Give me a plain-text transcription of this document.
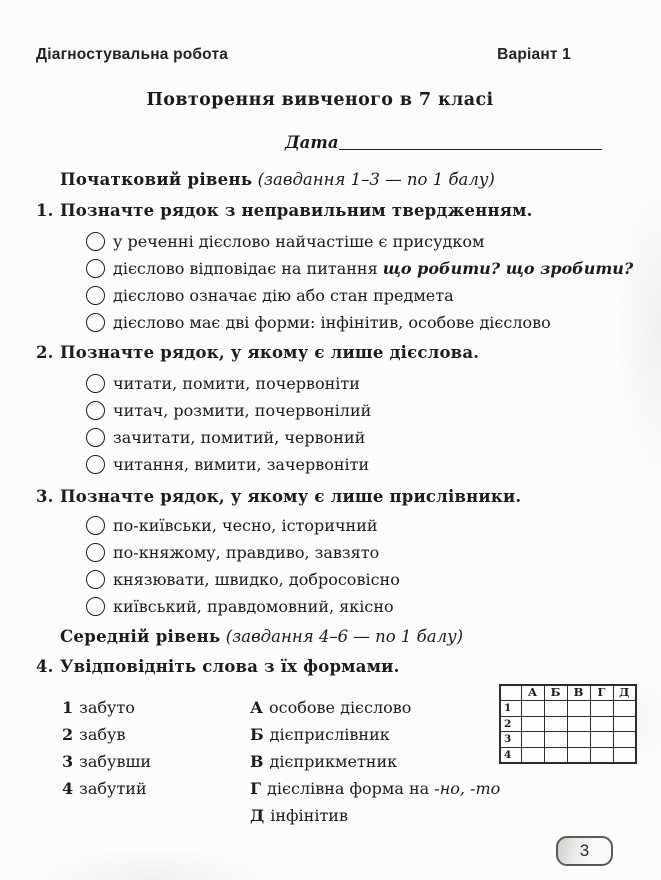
Діагностувальна робота	Варіант 1
Повторення вивченого в 7 класі
Дата
Початковий рівень (завдання 1–3 — по 1 балу)
1. Позначте рядок з неправильним твердженням.
у реченні дієслово найчастіше є присудком
дієслово відповідає на питання що робити? що зробити?
дієслово означає дію або стан предмета
дієслово має дві форми: інфінітив, особове дієслово
2. Позначте рядок, у якому є лише дієслова.
читати, помити, почервоніти
читач, розмити, почервонілий
зачитати, помитий, червоний
читання, вимити, зачервоніти
3. Позначте рядок, у якому є лише прислівники.
по-київськи, чесно, історичний
по-княжому, правдиво, завзято
князювати, швидко, добросовісно
київський, правдомовний, якісно
Середній рівень (завдання 4–6 — по 1 балу)
4. Увідповідніть слова з їх формами.
1 забуто
2 забув
3 забувши
4 забутий
А особове дієслово
Б дієприслівник
В дієприкметник
Г дієслівна форма на -но, -то
Д інфінітив
	А	Б	В	Г	Д
1					
2					
3					
4					
3
